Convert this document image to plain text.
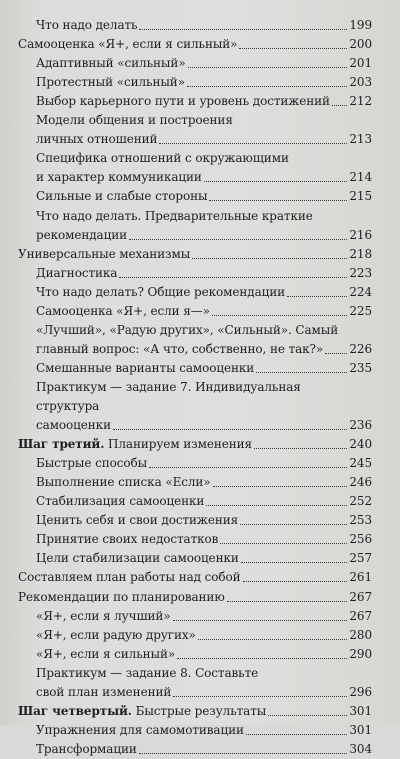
Что надо делать	199
Самооценка «Я+, если я сильный»	200
Адаптивный «сильный»	201
Протестный «сильный»	203
Выбор карьерного пути и уровень достижений 212
Модели общения и построения
личных отношений	213
Специфика отношений с окружающими
и характер коммуникации	214
Сильные и слабые стороны	215
Что надо делать. Предварительные краткие
рекомендации	216
Универсальные механизмы	218
Диагностика	223
Что надо делать? Общие рекомендации	224
Самооценка «Я+, если я—»	225
«Лучший», «Радую других», «Сильный». Самый
главный вопрос: «А что, собственно, не так?» 226
Смешанные варианты самооценки	235
Практикум — задание 7. Индивидуальная
структура
самооценки	236
Шаг третий. Планируем изменения	240
Быстрые способы	245
Выполнение списка «Если»	246
Стабилизация самооценки	252
Ценить себя и свои достижения	253
Принятие своих недостатков	256
Цели стабилизации самооценки	257
Составляем план работы над собой	261
Рекомендации по планированию	267
«Я+, если я лучший»	267
«Я+, если радую других»	280
«Я+, если я сильный»	290
Практикум — задание 8. Составьте
свой план изменений	296
Шаг четвертый. Быстрые результаты	301
Упражнения для самомотивации	301
Трансформации	304
